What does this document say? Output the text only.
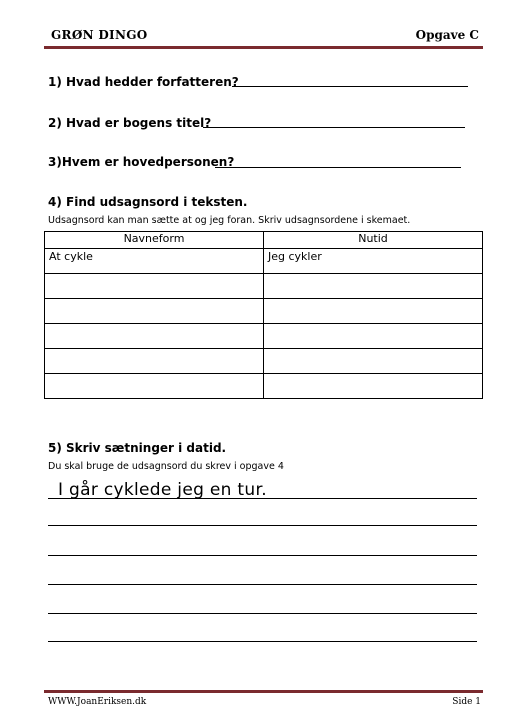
GRØN DINGO	Opgave C
1) Hvad hedder forfatteren?
2) Hvad er bogens titel?
3)Hvem er hovedpersonen?
4) Find udsagnsord i teksten.
Udsagnsord kan man sætte at og jeg foran. Skriv udsagnsordene i skemaet.
Navneform	Nutid

At cykle	Jeg cykler

5) Skriv sætninger i datid.
Du skal bruge de udsagnsord du skrev i opgave 4
I går cyklede jeg en tur.
WWW.JoanEriksen.dk	Side 1
